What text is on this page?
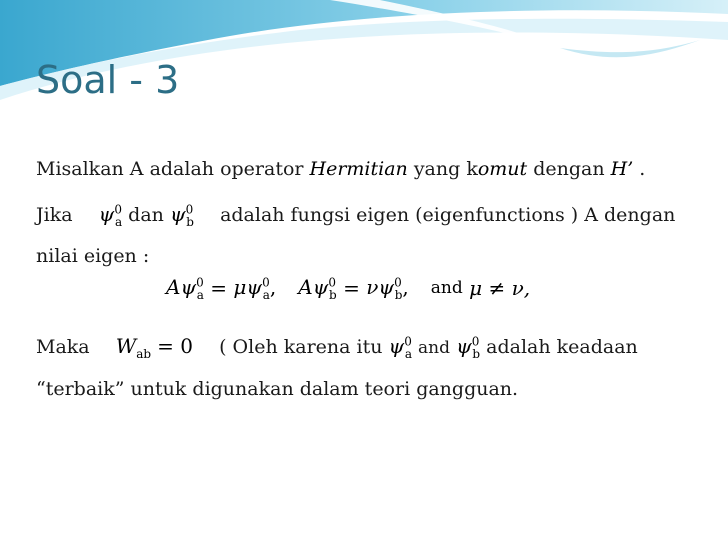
Soal - 3
Misalkan A adalah operator Hermitian yang komut dengan H’ .
Jika $\psi^0_a$ dan $\psi^0_b$ adalah fungsi eigen (eigenfunctions ) A dengan
nilai eigen :
$A\psi^0_a = \mu\psi^0_a$, $A\psi^0_b = \nu\psi^0_b$, and
μ
≠
ν,
Maka $W_{ab} = 0$ ( Oleh karena itu $\psi^0_a$ and $\psi^0_b$ adalah keadaan
“terbaik” untuk digunakan dalam teori gangguan.
